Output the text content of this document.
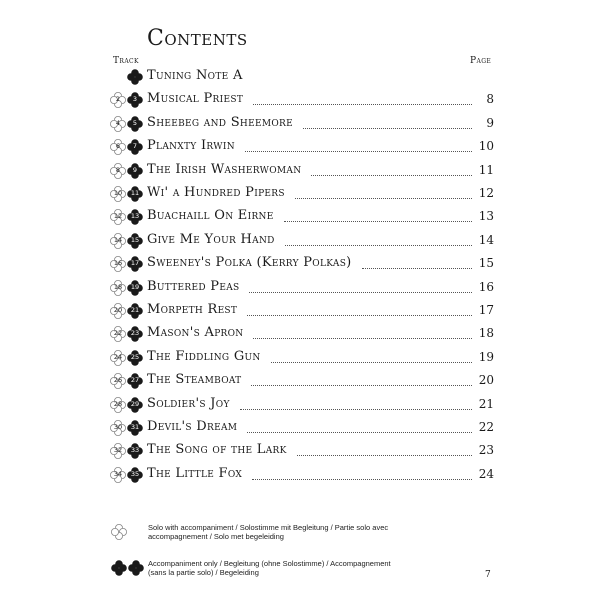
Contents
Track	Page
Tuning Note A
2	3 Musical Priest	8
4	5 Sheebeg and Sheemore	9
6	7 Planxty Irwin	10
8	9 The Irish Washerwoman	11
10	11 Wi' a Hundred Pipers	12
12	13 Buachaill On Eirne	13
14	15 Give Me Your Hand	14
16	17 Sweeney's Polka (Kerry Polkas)	15
18	19 Buttered Peas	16
20	21 Morpeth Rest	17
22	23 Mason's Apron	18
24	25 The Fiddling Gun	19
26	27 The Steamboat	20
28	29 Soldier's Joy	21
30	31 Devil's Dream	22
32	33 The Song of the Lark	23
34	35 The Little Fox	24
Solo with accompaniment / Solostimme mit Begleitung / Partie solo avec accompagnement / Solo met begeleiding
Accompaniment only / Begleitung (ohne Solostimme) / Accompagnement (sans la partie solo) / Begeleiding	7
